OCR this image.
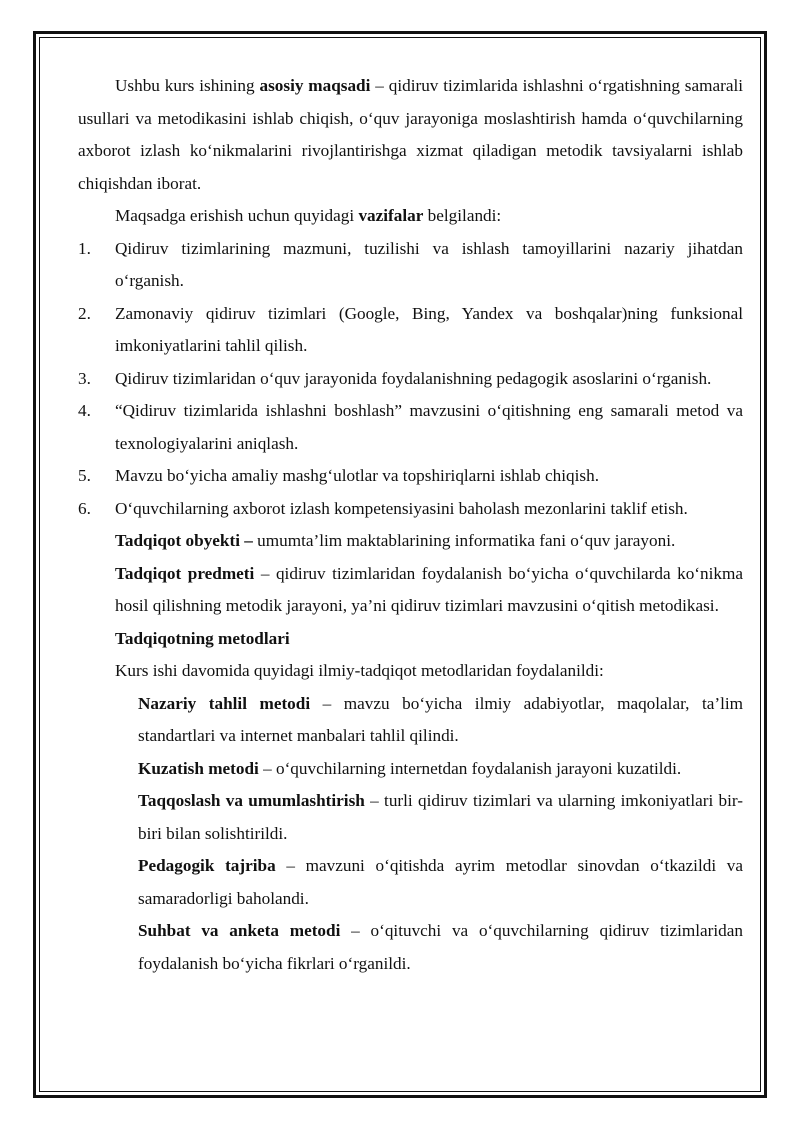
Ushbu kurs ishining asosiy maqsadi – qidiruv tizimlarida ishlashni o‘rgatishning samarali usullari va metodikasini ishlab chiqish, o‘quv jarayoniga moslashtirish hamda o‘quvchilarning axborot izlash ko‘nikmalarini rivojlantirishga xizmat qiladigan metodik tavsiyalarni ishlab chiqishdan iborat.

Maqsadga erishish uchun quyidagi vazifalar belgilandi:

1. Qidiruv tizimlarining mazmuni, tuzilishi va ishlash tamoyillarini nazariy jihatdan o‘rganish.
2. Zamonaviy qidiruv tizimlari (Google, Bing, Yandex va boshqalar)ning funksional imkoniyatlarini tahlil qilish.
3. Qidiruv tizimlaridan o‘quv jarayonida foydalanishning pedagogik asoslarini o‘rganish.
4. “Qidiruv tizimlarida ishlashni boshlash” mavzusini o‘qitishning eng samarali metod va texnologiyalarini aniqlash.
5. Mavzu bo‘yicha amaliy mashg‘ulotlar va topshiriqlarni ishlab chiqish.
6. O‘quvchilarning axborot izlash kompetensiyasini baholash mezonlarini taklif etish.

Tadqiqot obyekti – umumta’lim maktablarining informatika fani o‘quv jarayoni.

Tadqiqot predmeti – qidiruv tizimlaridan foydalanish bo‘yicha o‘quvchilarda ko‘nikma hosil qilishning metodik jarayoni, ya’ni qidiruv tizimlari mavzusini o‘qitish metodikasi.

Tadqiqotning metodlari

Kurs ishi davomida quyidagi ilmiy-tadqiqot metodlaridan foydalanildi:

Nazariy tahlil metodi – mavzu bo‘yicha ilmiy adabiyotlar, maqolalar, ta’lim standartlari va internet manbalari tahlil qilindi.

Kuzatish metodi – o‘quvchilarning internetdan foydalanish jarayoni kuzatildi.

Taqqoslash va umumlashtirish – turli qidiruv tizimlari va ularning imkoniyatlari bir-biri bilan solishtirildi.

Pedagogik tajriba – mavzuni o‘qitishda ayrim metodlar sinovdan o‘tkazildi va samaradorligi baholandi.

Suhbat va anketa metodi – o‘qituvchi va o‘quvchilarning qidiruv tizimlaridan foydalanish bo‘yicha fikrlari o‘rganildi.
